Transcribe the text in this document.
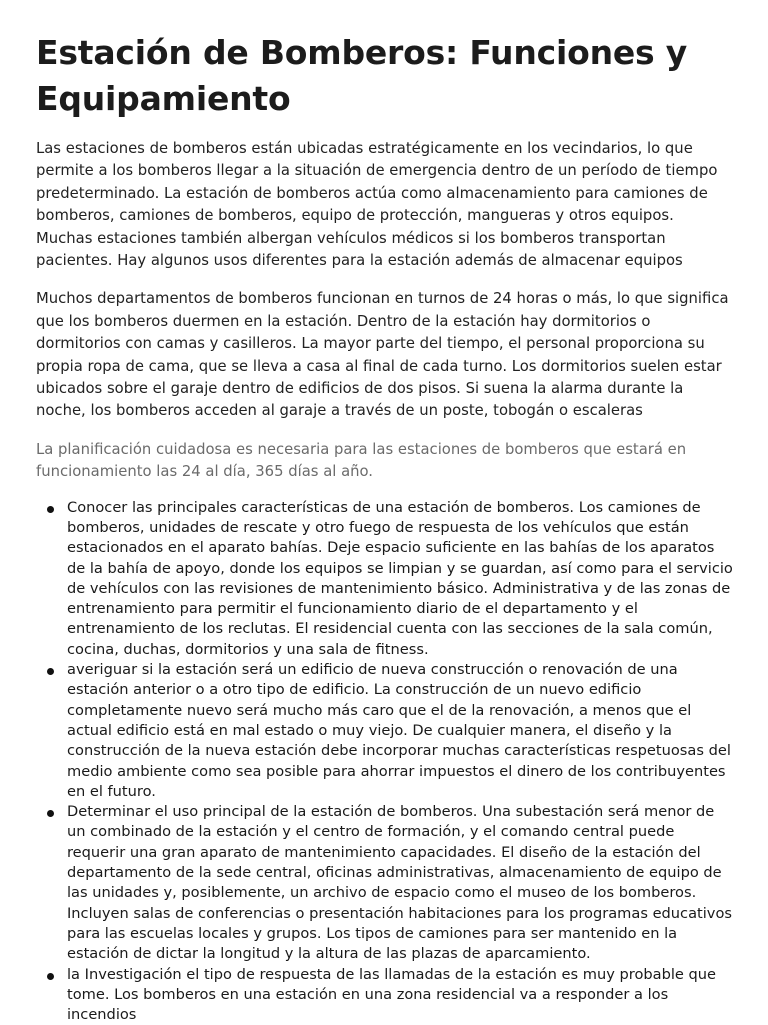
Estación de Bomberos: Funciones y Equipamiento

Las estaciones de bomberos están ubicadas estratégicamente en los vecindarios, lo que permite a los bomberos llegar a la situación de emergencia dentro de un período de tiempo predeterminado. La estación de bomberos actúa como almacenamiento para camiones de bomberos, camiones de bomberos, equipo de protección, mangueras y otros equipos. Muchas estaciones también albergan vehículos médicos si los bomberos transportan pacientes. Hay algunos usos diferentes para la estación además de almacenar equipos

Muchos departamentos de bomberos funcionan en turnos de 24 horas o más, lo que significa que los bomberos duermen en la estación. Dentro de la estación hay dormitorios o dormitorios con camas y casilleros. La mayor parte del tiempo, el personal proporciona su propia ropa de cama, que se lleva a casa al final de cada turno. Los dormitorios suelen estar ubicados sobre el garaje dentro de edificios de dos pisos. Si suena la alarma durante la noche, los bomberos acceden al garaje a través de un poste, tobogán o escaleras

La planificación cuidadosa es necesaria para las estaciones de bomberos que estará en funcionamiento las 24 al día, 365 días al año.

Conocer las principales características de una estación de bomberos. Los camiones de bomberos, unidades de rescate y otro fuego de respuesta de los vehículos que están estacionados en el aparato bahías. Deje espacio suficiente en las bahías de los aparatos de la bahía de apoyo, donde los equipos se limpian y se guardan, así como para el servicio de vehículos con las revisiones de mantenimiento básico. Administrativa y de las zonas de entrenamiento para permitir el funcionamiento diario de el departamento y el entrenamiento de los reclutas. El residencial cuenta con las secciones de la sala común, cocina, duchas, dormitorios y una sala de fitness.
averiguar si la estación será un edificio de nueva construcción o renovación de una estación anterior o a otro tipo de edificio. La construcción de un nuevo edificio completamente nuevo será mucho más caro que el de la renovación, a menos que el actual edificio está en mal estado o muy viejo. De cualquier manera, el diseño y la construcción de la nueva estación debe incorporar muchas características respetuosas del medio ambiente como sea posible para ahorrar impuestos el dinero de los contribuyentes en el futuro.
Determinar el uso principal de la estación de bomberos. Una subestación será menor de un combinado de la estación y el centro de formación, y el comando central puede requerir una gran aparato de mantenimiento capacidades. El diseño de la estación del departamento de la sede central, oficinas administrativas, almacenamiento de equipo de las unidades y, posiblemente, un archivo de espacio como el museo de los bomberos. Incluyen salas de conferencias o presentación habitaciones para los programas educativos para las escuelas locales y grupos. Los tipos de camiones para ser mantenido en la estación de dictar la longitud y la altura de las plazas de aparcamiento.
la Investigación el tipo de respuesta de las llamadas de la estación es muy probable que tome. Los bomberos en una estación en una zona residencial va a responder a los incendios
